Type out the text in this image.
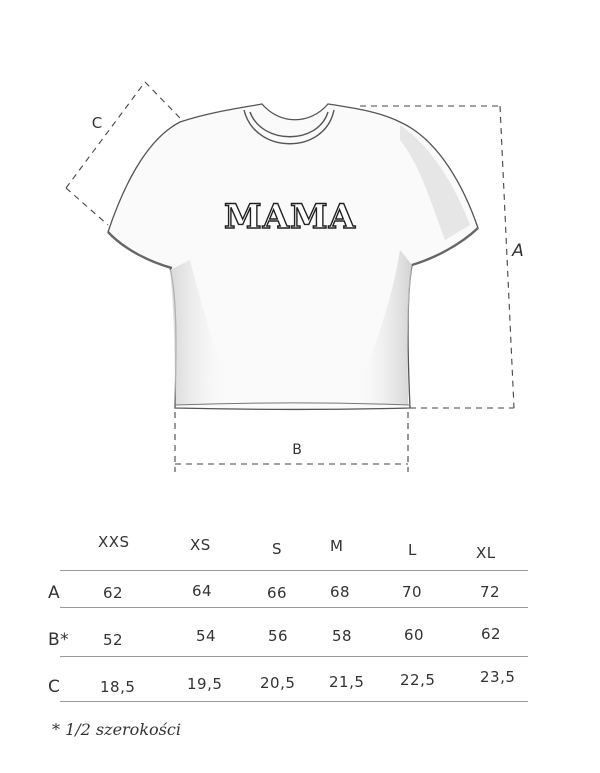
MAMA
C
A
B
XXS	XS	S	M	L	XL
A	62	64	66	68	70	72
B* 52	54	56	58	60	62
C	18,5	19,5	20,5 21,5 22,5	23,5
* 1/2 szerokości
